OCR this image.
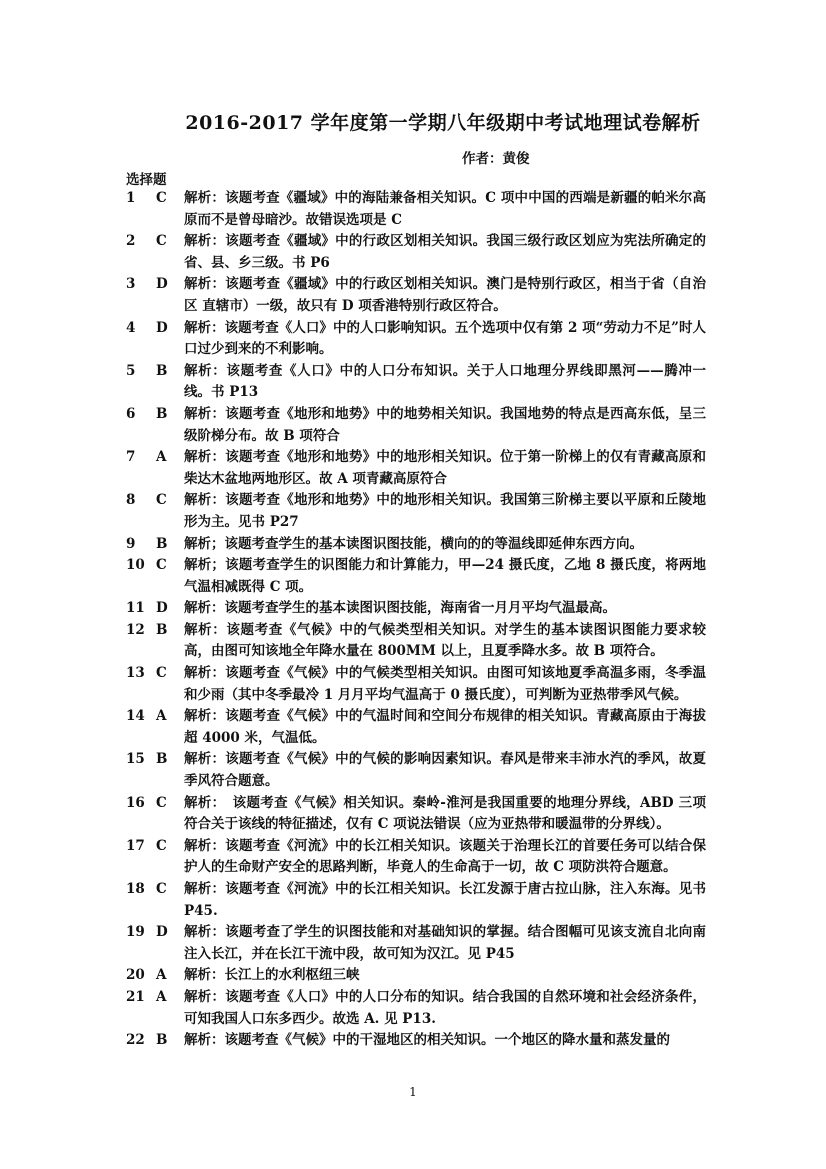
2016-2017 学年度第一学期八年级期中考试地理试卷解析
作者：黄俊
选择题
1	C	解析：该题考查《疆域》中的海陆兼备相关知识。C 项中中国的西端是新疆的帕米尔高原而不是曾母暗沙。故错误选项是 C
2	C	解析：该题考查《疆域》中的行政区划相关知识。我国三级行政区划应为宪法所确定的 省、县、乡三级。书 P6
3	D	解析：该题考查《疆域》中的行政区划相关知识。澳门是特别行政区，相当于省（自治区 直辖市）一级，故只有 D 项香港特别行政区符合。
4	D	解析：该题考查《人口》中的人口影响知识。五个选项中仅有第 2 项“劳动力不足”时人口过少到来的不利影响。
5	B	解析：该题考查《人口》中的人口分布知识。关于人口地理分界线即黑河——腾冲一线。书 P13
6	B	解析：该题考查《地形和地势》中的地势相关知识。我国地势的特点是西高东低，呈三级阶梯分布。故 B 项符合
7	A	解析：该题考查《地形和地势》中的地形相关知识。位于第一阶梯上的仅有青藏高原和柴达木盆地两地形区。故 A 项青藏高原符合
8	C	解析：该题考查《地形和地势》中的地形相关知识。我国第三阶梯主要以平原和丘陵地形为主。见书 P27
9	B	解析；该题考查学生的基本读图识图技能，横向的的等温线即延伸东西方向。
10 C	解析；该题考查学生的识图能力和计算能力，甲—24 摄氏度，乙地 8 摄氏度，将两地气温相减既得 C 项。
11 D	解析：该题考查学生的基本读图识图技能，海南省一月月平均气温最高。
12 B	解析：该题考查《气候》中的气候类型相关知识。对学生的基本读图识图能力要求较高，由图可知该地全年降水量在 800MM 以上，且夏季降水多。故 B 项符合。
13 C	解析：该题考查《气候》中的气候类型相关知识。由图可知该地夏季高温多雨，冬季温和少雨（其中冬季最冷 1 月月平均气温高于 0 摄氏度），可判断为亚热带季风气候。
14 A	解析：该题考查《气候》中的气温时间和空间分布规律的相关知识。青藏高原由于海拔超 4000 米，气温低。
15 B	解析：该题考查《气候》中的气候的影响因素知识。春风是带来丰沛水汽的季风，故夏季风符合题意。
16 C	解析：　该题考查《气候》相关知识。秦岭-淮河是我国重要的地理分界线，ABD 三项符合关于该线的特征描述，仅有 C 项说法错误（应为亚热带和暖温带的分界线）。
17 C	解析：该题考查《河流》中的长江相关知识。该题关于治理长江的首要任务可以结合保护人的生命财产安全的思路判断，毕竟人的生命高于一切，故 C 项防洪符合题意。
18 C	解析：该题考查《河流》中的长江相关知识。长江发源于唐古拉山脉，注入东海。见书 P45.
19 D	解析：该题考查了学生的识图技能和对基础知识的掌握。结合图幅可见该支流自北向南注入长江，并在长江干流中段，故可知为汉江。见 P45
20 A	解析：长江上的水利枢纽三峡
21 A	解析：该题考查《人口》中的人口分布的知识。结合我国的自然环境和社会经济条件，可知我国人口东多西少。故选 A. 见 P13.
22 B	解析：该题考查《气候》中的干湿地区的相关知识。一个地区的降水量和蒸发量的
1
